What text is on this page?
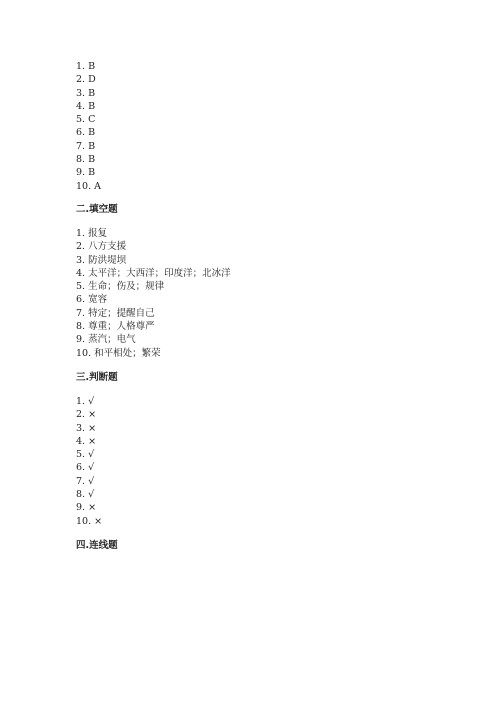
1. B
2. D
3. B
4. B
5. C
6. B
7. B
8. B
9. B
10. A
二.填空题
1. 报复
2. 八方支援
3. 防洪堤坝
4. 太平洋；大西洋；印度洋；北冰洋
5. 生命；伤及；规律
6. 宽容
7. 特定；提醒自己
8. 尊重；人格尊严
9. 蒸汽；电气
10. 和平相处；繁荣
三.判断题
1. √
2. ×
3. ×
4. ×
5. √
6. √
7. √
8. √
9. ×
10. ×
四.连线题
